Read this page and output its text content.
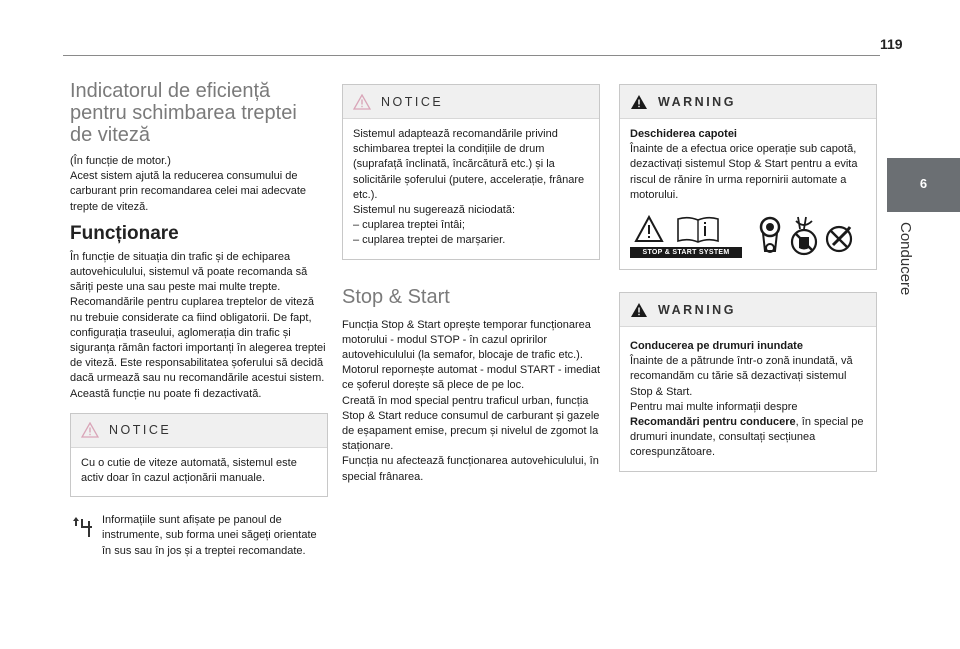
119
6
Conducere
Indicatorul de eficiență
pentru schimbarea treptei
de viteză

(În funcție de motor.)
Acest sistem ajută la reducerea consumului de carburant prin recomandarea celei mai adecvate trepte de viteză.

Funcționare

În funcție de situația din trafic și de echiparea autovehiculului, sistemul vă poate recomanda să săriți peste una sau peste mai multe trepte. Recomandările pentru cuplarea treptelor de viteză nu trebuie considerate ca fiind obligatorii. De fapt, configurația traseului, aglomerația din trafic și siguranța rămân factori importanți în alegerea treptei de viteză. Este responsabilitatea șoferului să decidă dacă urmează sau nu recomandările acestui sistem.
Această funcție nu poate fi dezactivată.

NOTICE

Cu o cutie de viteze automată, sistemul este activ doar în cazul acționării manuale.

Informațiile sunt afișate pe panoul de instrumente, sub forma unei săgeți orientate în sus sau în jos și a treptei recomandate.

NOTICE

Sistemul adaptează recomandările privind schimbarea treptei la condițiile de drum (suprafață înclinată, încărcătură etc.) și la solicitările șoferului (putere, accelerație, frânare etc.).
Sistemul nu sugerează niciodată:
– cuplarea treptei întâi;
– cuplarea treptei de marșarier.

Stop & Start

Funcția Stop & Start oprește temporar funcționarea motorului - modul STOP - în cazul opririlor autovehiculului (la semafor, blocaje de trafic etc.). Motorul repornește automat - modul START - imediat ce șoferul dorește să plece de pe loc.
Creată în mod special pentru traficul urban, funcția Stop & Start reduce consumul de carburant și gazele de eșapament emise, precum și nivelul de zgomot la staționare.
Funcția nu afectează funcționarea autovehiculului, în special frânarea.

WARNING

Deschiderea capotei

Înainte de a efectua orice operație sub capotă, dezactivați sistemul Stop & Start pentru a evita riscul de rănire în urma repornirii automate a motorului.

STOP & START SYSTEM
WARNING

Conducerea pe drumuri inundate

Înainte de a pătrunde într-o zonă inundată, vă recomandăm cu tărie să dezactivați sistemul Stop & Start.
Pentru mai multe informații despre Recomandări pentru conducere, în special pe drumuri inundate, consultați secțiunea corespunzătoare.
